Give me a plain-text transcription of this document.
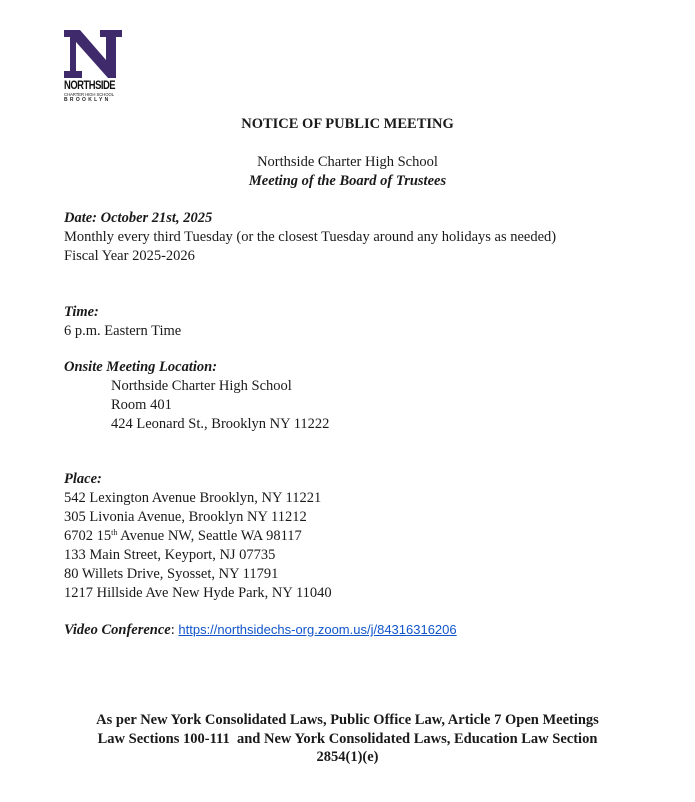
NORTHSIDE
CHARTER HIGH SCHOOL
BROOKLYN
NOTICE OF PUBLIC MEETING
Northside Charter High School
Meeting of the Board of Trustees
Date: October 21st, 2025
Monthly every third Tuesday (or the closest Tuesday around any holidays as needed)
Fiscal Year 2025-2026
Time:
6 p.m. Eastern Time
Onsite Meeting Location:
Northside Charter High School
Room 401
424 Leonard St., Brooklyn NY 11222
Place:
542 Lexington Avenue Brooklyn, NY 11221
305 Livonia Avenue, Brooklyn NY 11212
6702 15th Avenue NW, Seattle WA 98117
133 Main Street, Keyport, NJ 07735
80 Willets Drive, Syosset, NY 11791
1217 Hillside Ave New Hyde Park, NY 11040
Video Conference: https://northsidechs-org.zoom.us/j/84316316206
As per New York Consolidated Laws, Public Office Law, Article 7 Open Meetings
Law Sections 100-111  and New York Consolidated Laws, Education Law Section
2854(1)(e)
